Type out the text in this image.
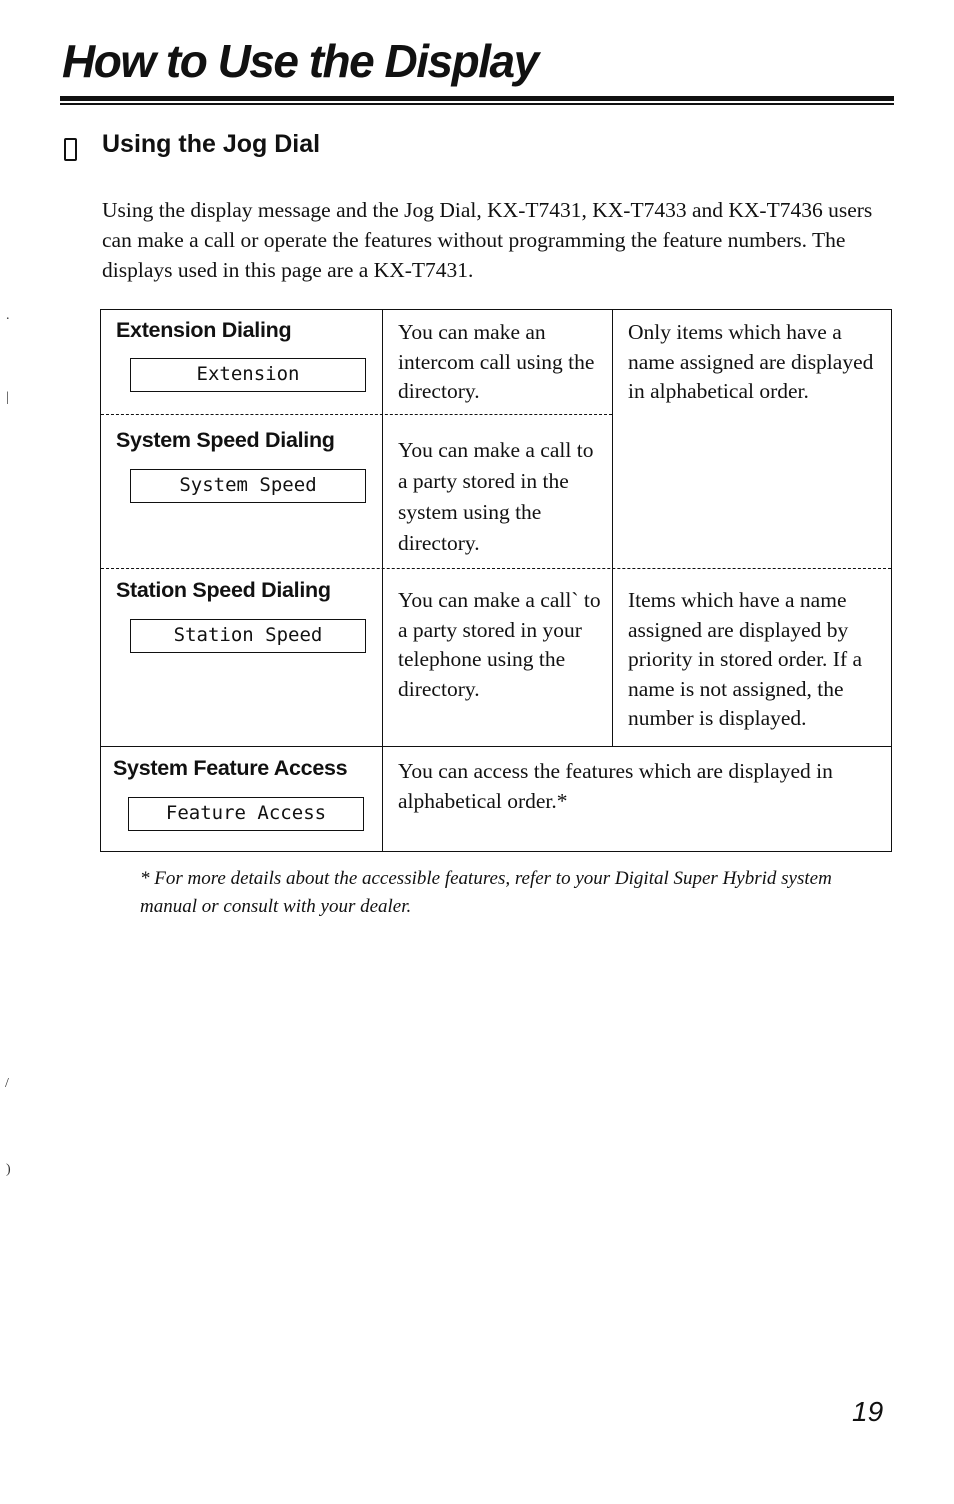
How to Use the Display
Using the Jog Dial

Using the display message and the Jog Dial, KX-T7431, KX-T7433 and KX-T7436 users can make a call or operate the features without programming the feature numbers. The displays used in this page are a KX-T7431.

Extension Dialing
Extension
You can make an intercom call using the directory.
System Speed Dialing
System Speed
You can make a call to a party stored in the system using the directory.
Only items which have a name assigned are displayed in alphabetical order.
Station Speed Dialing
Station Speed
You can make a call` to a party stored in your telephone using the directory.
Items which have a name assigned are displayed by priority in stored order. If a name is not assigned, the number is displayed.
System Feature Access
Feature Access
You can access the features which are displayed in alphabetical order.*

* For more details about the accessible features, refer to your Digital Super Hybrid system manual or consult with your dealer.

19
.
|
/
)
